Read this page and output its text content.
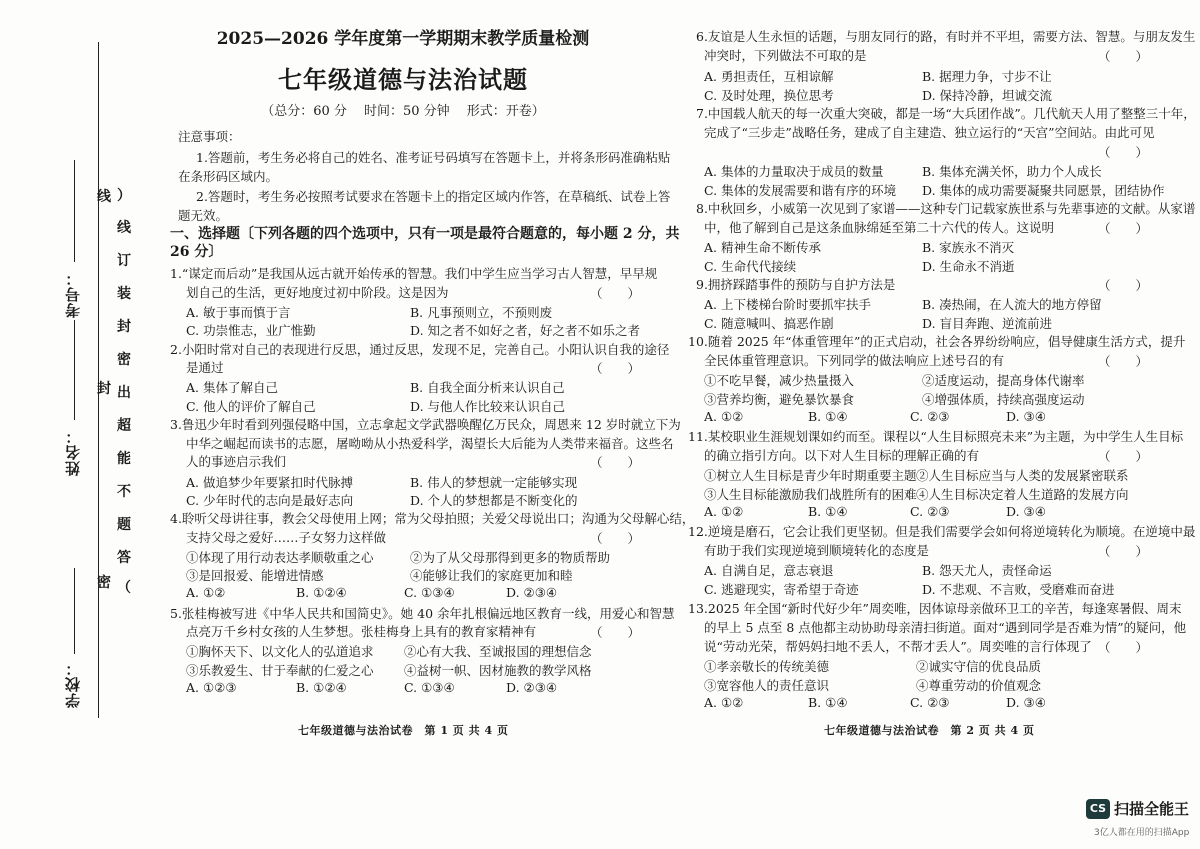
学校：
姓名：
考号：
）
线
订
装
封
密
出
超
能
不
题
答
（
线
封
密
2025—2026 学年度第一学期期末教学质量检测
七年级道德与法治试题
（总分：60 分　 时间：50 分钟　 形式：开卷）
注意事项：
1.答题前，考生务必将自己的姓名、准考证号码填写在答题卡上，并将条形码准确粘贴
在条形码区域内。
2.答题时，考生务必按照考试要求在答题卡上的指定区域内作答，在草稿纸、试卷上答
题无效。
一、选择题〔下列各题的四个选项中，只有一项是最符合题意的，每小题 2 分，共
26 分〕
1.“谋定而后动”是我国从远古就开始传承的智慧。我们中学生应当学习古人智慧，早早规
划自己的生活，更好地度过初中阶段。这是因为	（　　）
A. 敏于事而慎于言	B. 凡事预则立，不预则废
C. 功崇惟志，业广惟勤	D. 知之者不如好之者，好之者不如乐之者
2.小阳时常对自己的表现进行反思，通过反思，发现不足，完善自己。小阳认识自我的途径
是通过	（　　）
A. 集体了解自己	B. 自我全面分析来认识自己
C. 他人的评价了解自己	D. 与他人作比较来认识自己
3.鲁迅少年时看到列强侵略中国，立志拿起文学武器唤醒亿万民众，周恩来 12 岁时就立下为
中华之崛起而读书的志愿，屠呦呦从小热爱科学，渴望长大后能为人类带来福音。这些名
人的事迹启示我们	（　　）
A. 做追梦少年要紧扣时代脉搏	B. 伟人的梦想就一定能够实现
C. 少年时代的志向是最好志向	D. 个人的梦想都是不断变化的
4.聆听父母讲往事，教会父母使用上网；常为父母拍照；关爱父母说出口；沟通为父母解心结，
支持父母之爱好……子女努力这样做	（　　）
①体现了用行动表达孝顺敬重之心	②为了从父母那得到更多的物质帮助
③是回报爱、能增进情感	④能够让我们的家庭更加和睦
A. ①②	B. ①②④	C. ①③④	D. ②③④
5.张桂梅被写进《中华人民共和国简史》。她 40 余年扎根偏远地区教育一线，用爱心和智慧
点亮万千乡村女孩的人生梦想。张桂梅身上具有的教育家精神有	（　　）
①胸怀天下、以文化人的弘道追求 ②心有大我、至诚报国的理想信念
③乐教爱生、甘于奉献的仁爱之心 ④益树一帜、因材施教的教学风格
A. ①②③	B. ①②④	C. ①③④	D. ②③④
七年级道德与法治试卷　第 1 页 共 4 页
6.友谊是人生永恒的话题，与朋友同行的路，有时并不平坦，需要方法、智慧。与朋友发生
冲突时，下列做法不可取的是	（　　）
A. 勇担责任，互相谅解	B. 据理力争，寸步不让
C. 及时处理，换位思考	D. 保持冷静，坦诚交流
7.中国载人航天的每一次重大突破，都是一场“大兵团作战”。几代航天人用了整整三十年，
完成了“三步走”战略任务，建成了自主建造、独立运行的“天宫”空间站。由此可见
（　　）
A. 集体的力量取决于成员的数量	B. 集体充满关怀，助力个人成长
C. 集体的发展需要和谐有序的环境 D. 集体的成功需要凝聚共同愿景，团结协作
8.中秋回乡，小威第一次见到了家谱——这种专门记载家族世系与先辈事迹的文献。从家谱
中，他了解到自己是这条血脉绵延至第二十六代的传人。这说明	（　　）
A. 精神生命不断传承	B. 家族永不消灭
C. 生命代代接续	D. 生命永不消逝
9.拥挤踩踏事件的预防与自护方法是	（　　）
A. 上下楼梯台阶时要抓牢扶手	B. 凑热闹，在人流大的地方停留
C. 随意喊叫、搞恶作剧	D. 盲目奔跑、逆流前进
10.随着 2025 年“体重管理年”的正式启动，社会各界纷纷响应，倡导健康生活方式，提升
全民体重管理意识。下列同学的做法响应上述号召的有	（　　）
①不吃早餐，减少热量摄入	②适度运动，提高身体代谢率
③营养均衡，避免暴饮暴食	④增强体质，持续高强度运动
A. ①②	B. ①④	C. ②③	D. ③④
11.某校职业生涯规划课如约而至。课程以“人生目标照亮未来”为主题，为中学生人生目标
的确立指引方向。以下对人生目标的理解正确的有	（　　）
①树立人生目标是青少年时期重要主题 ②人生目标应当与人类的发展紧密联系
③人生目标能激励我们战胜所有的困难 ④人生目标决定着人生道路的发展方向
A. ①②	B. ①④	C. ②③	D. ③④
12.逆境是磨石，它会让我们更坚韧。但是我们需要学会如何将逆境转化为顺境。在逆境中最
有助于我们实现逆境到顺境转化的态度是	（　　）
A. 自满自足，意志衰退	B. 怨天尤人，责怪命运
C. 逃避现实，寄希望于奇迹	D. 不悲观、不言败，受磨难而奋进
13.2025 年全国“新时代好少年”周奕唯，因体谅母亲做环卫工的辛苦，每逢寒暑假、周末
的早上 5 点至 8 点他都主动协助母亲清扫街道。面对“遇到同学是否难为情”的疑问，他
说“劳动光荣，帮妈妈扫地不丢人，不帮才丢人”。周奕唯的言行体现了 （　　）
①孝亲敬长的传统美德	②诚实守信的优良品质
③宽容他人的责任意识	④尊重劳动的价值观念
A. ①②	B. ①④	C. ②③	D. ③④
七年级道德与法治试卷　第 2 页 共 4 页
CS 扫描全能王
3亿人都在用的扫描App
